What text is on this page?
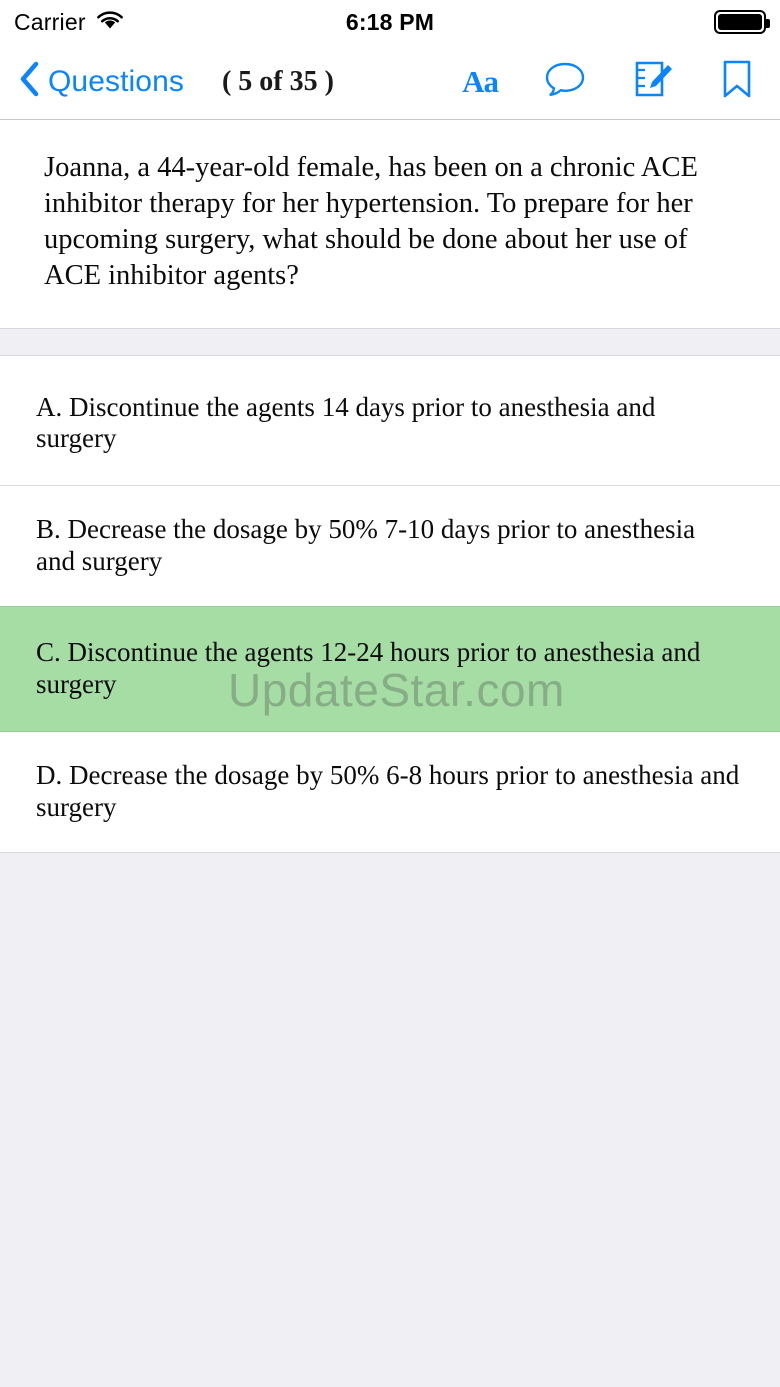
Carrier	6:18 PM
Questions ( 5 of 35 )	Aa
Joanna, a 44-year-old female, has been on a chronic ACE inhibitor therapy for her hypertension. To prepare for her upcoming surgery, what should be done about her use of ACE inhibitor agents?
A. Discontinue the agents 14 days prior to anesthesia and surgery
B. Decrease the dosage by 50% 7-10 days prior to anesthesia and surgery
C. Discontinue the agents 12-24 hours prior to anesthesia and surgery UpdateStar.com
D. Decrease the dosage by 50% 6-8 hours prior to anesthesia and surgery
